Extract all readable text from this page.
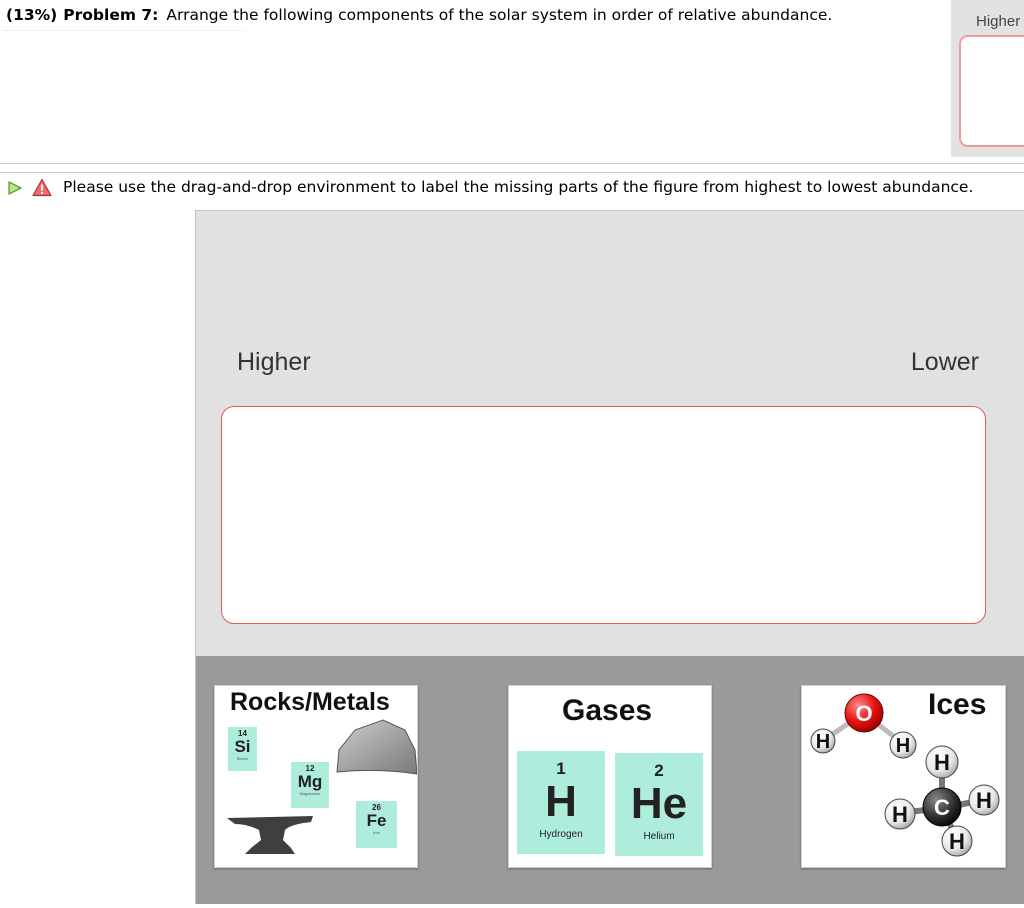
(13%) Problem 7: Arrange the following components of the solar system in order of relative abundance.	Higher
Please use the drag-and-drop environment to label the missing parts of the figure from highest to lowest abundance.
Higher	Lower
Rocks/Metals
14
Si
Silicon
12
Mg
Magnesium
26
Fe
Iron
Gases
1
H
Hydrogen
2
He
Helium
Ices
H	H
O
H
H C H
H
